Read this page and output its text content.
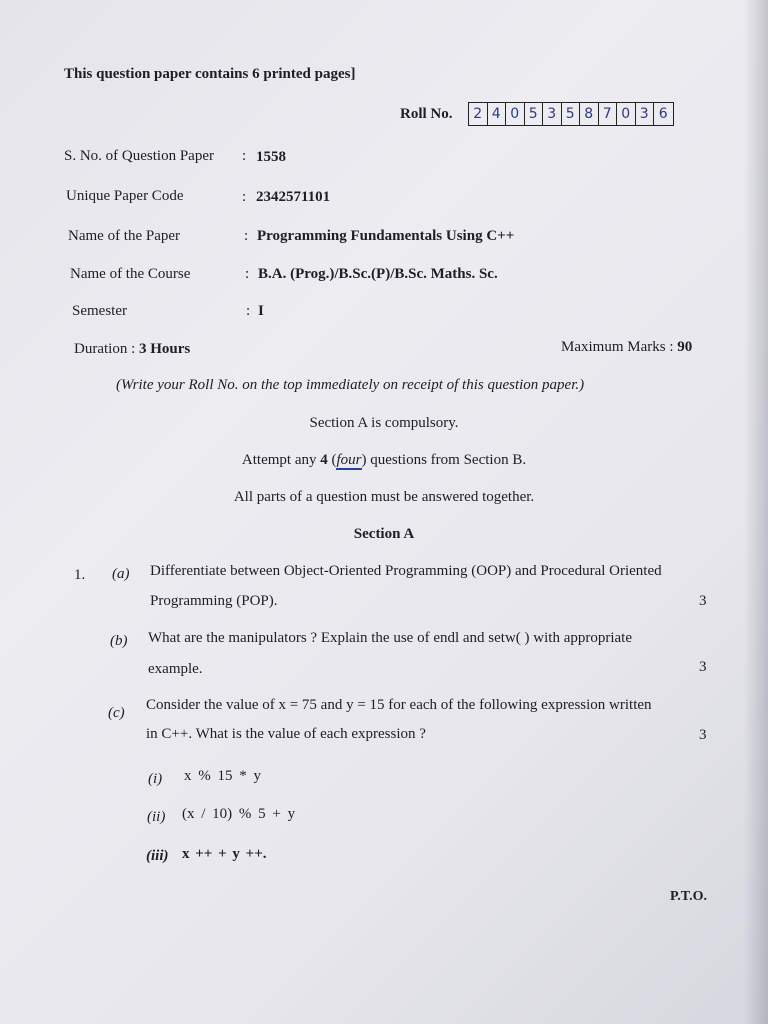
This question paper contains 6 printed pages]
Roll No.	2 4 0 5 3 5 8 7 0 3 6
S. No. of Question Paper : 1558
Unique Paper Code	: 2342571101
Name of the Paper	: Programming Fundamentals Using C++
Name of the Course	: B.A. (Prog.)/B.Sc.(P)/B.Sc. Maths. Sc.
Semester	: I
Duration : 3 Hours	Maximum Marks : 90
(Write your Roll No. on the top immediately on receipt of this question paper.)
Section A is compulsory.
Attempt any 4 (four) questions from Section B.
All parts of a question must be answered together.
Section A
1. (a) Differentiate between Object-Oriented Programming (OOP) and Procedural Oriented
Programming (POP).	3
(b) What are the manipulators ? Explain the use of endl and setw( ) with appropriate
example.	3
(c) Consider the value of x = 75 and y = 15 for each of the following expression written
in C++. What is the value of each expression ?	3
(i) x % 15 * y
(ii) (x / 10) % 5 + y
(iii) x ++ + y ++.
P.T.O.
